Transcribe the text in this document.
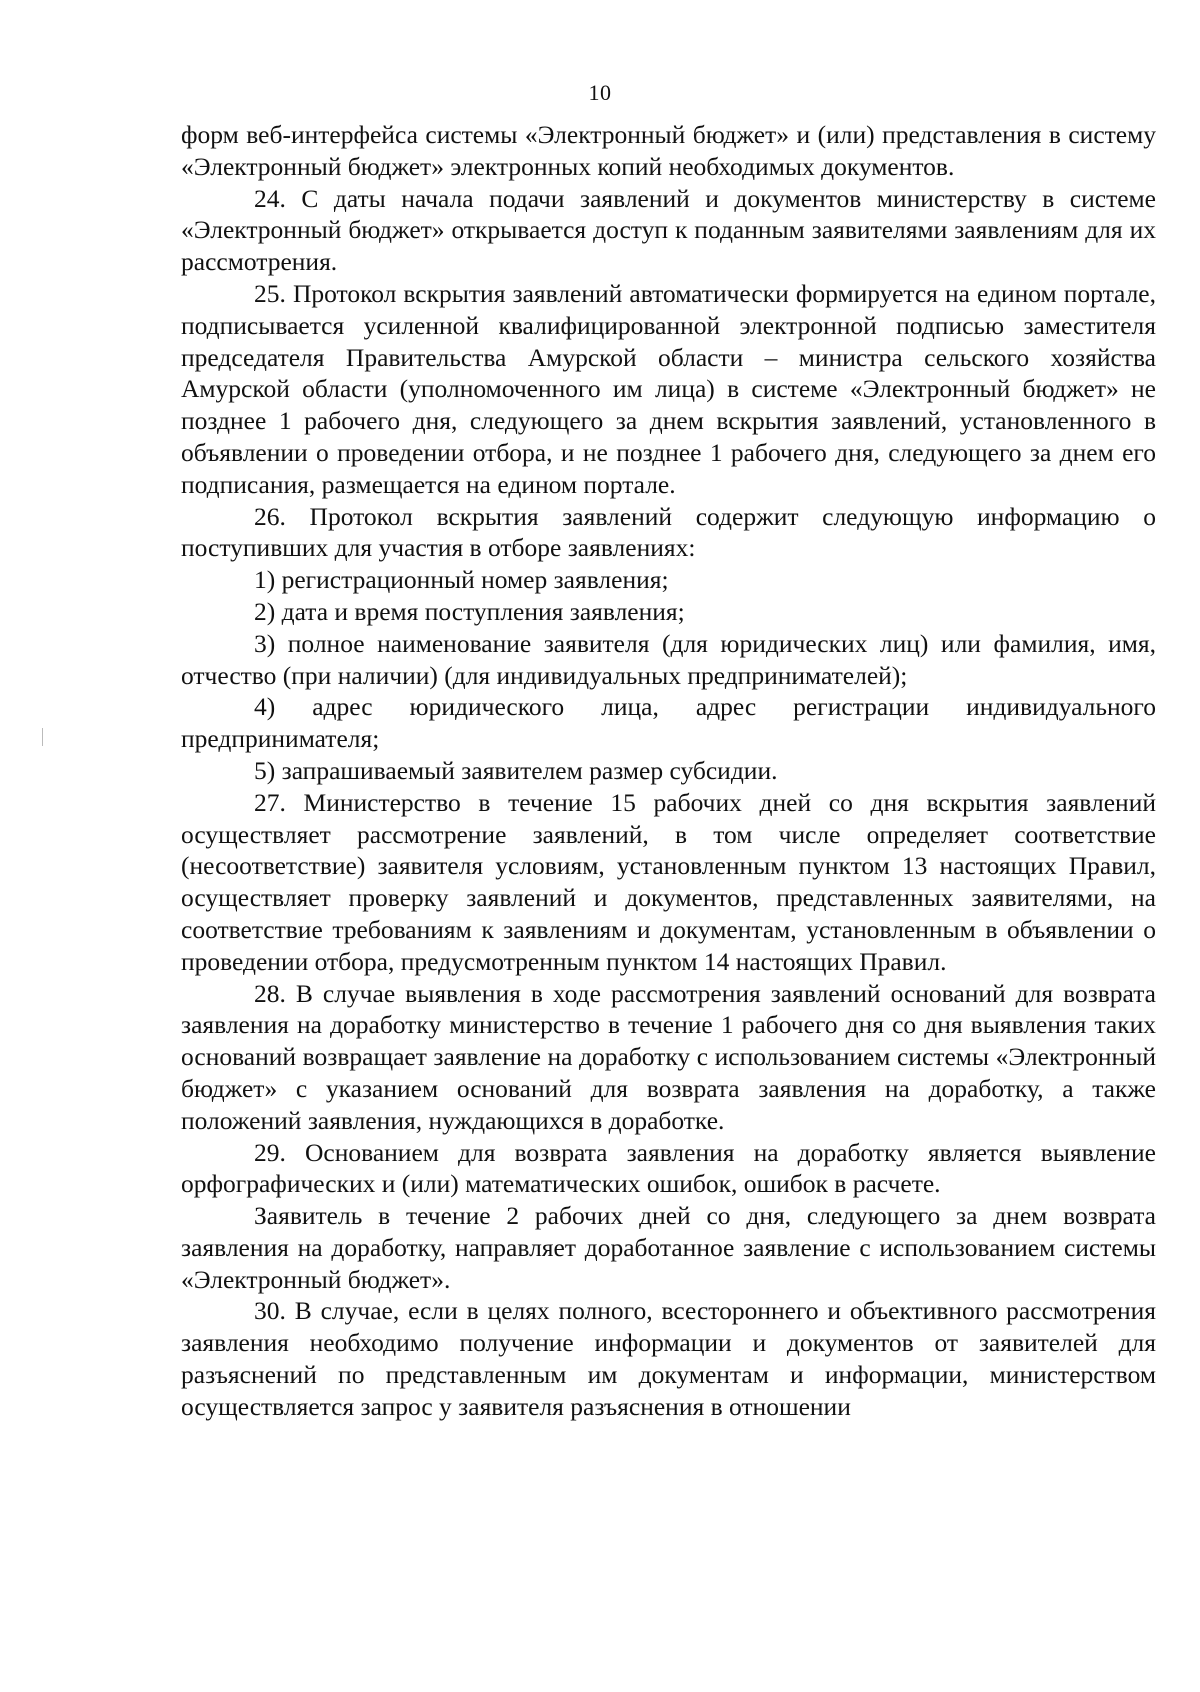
10

форм веб-интерфейса системы «Электронный бюджет» и (или) представления в систему «Электронный бюджет» электронных копий необходимых документов.

24. С даты начала подачи заявлений и документов министерству в системе «Электронный бюджет» открывается доступ к поданным заявителями заявлениям для их рассмотрения.

25. Протокол вскрытия заявлений автоматически формируется на едином портале, подписывается усиленной квалифицированной электронной подписью заместителя председателя Правительства Амурской области – министра сельского хозяйства Амурской области (уполномоченного им лица) в системе «Электронный бюджет» не позднее 1 рабочего дня, следующего за днем вскрытия заявлений, установленного в объявлении о проведении отбора, и не позднее 1 рабочего дня, следующего за днем его подписания, размещается на едином портале.

26. Протокол вскрытия заявлений содержит следующую информацию о поступивших для участия в отборе заявлениях:

1) регистрационный номер заявления;

2) дата и время поступления заявления;

3) полное наименование заявителя (для юридических лиц) или фамилия, имя, отчество (при наличии) (для индивидуальных предпринимателей);

4) адрес юридического лица, адрес регистрации индивидуального предпринимателя;

5) запрашиваемый заявителем размер субсидии.

27. Министерство в течение 15 рабочих дней со дня вскрытия заявлений осуществляет рассмотрение заявлений, в том числе определяет соответствие (несоответствие) заявителя условиям, установленным пунктом 13 настоящих Правил, осуществляет проверку заявлений и документов, представленных заявителями, на соответствие требованиям к заявлениям и документам, установленным в объявлении о проведении отбора, предусмотренным пунктом 14 настоящих Правил.

28. В случае выявления в ходе рассмотрения заявлений оснований для возврата заявления на доработку министерство в течение 1 рабочего дня со дня выявления таких оснований возвращает заявление на доработку с использованием системы «Электронный бюджет» с указанием оснований для возврата заявления на доработку, а также положений заявления, нуждающихся в доработке.

29. Основанием для возврата заявления на доработку является выявление орфографических и (или) математических ошибок, ошибок в расчете.

Заявитель в течение 2 рабочих дней со дня, следующего за днем возврата заявления на доработку, направляет доработанное заявление с использованием системы «Электронный бюджет».

30. В случае, если в целях полного, всестороннего и объективного рассмотрения заявления необходимо получение информации и документов от заявителей для разъяснений по представленным им документам и информации, министерством осуществляется запрос у заявителя разъяснения в отношении
